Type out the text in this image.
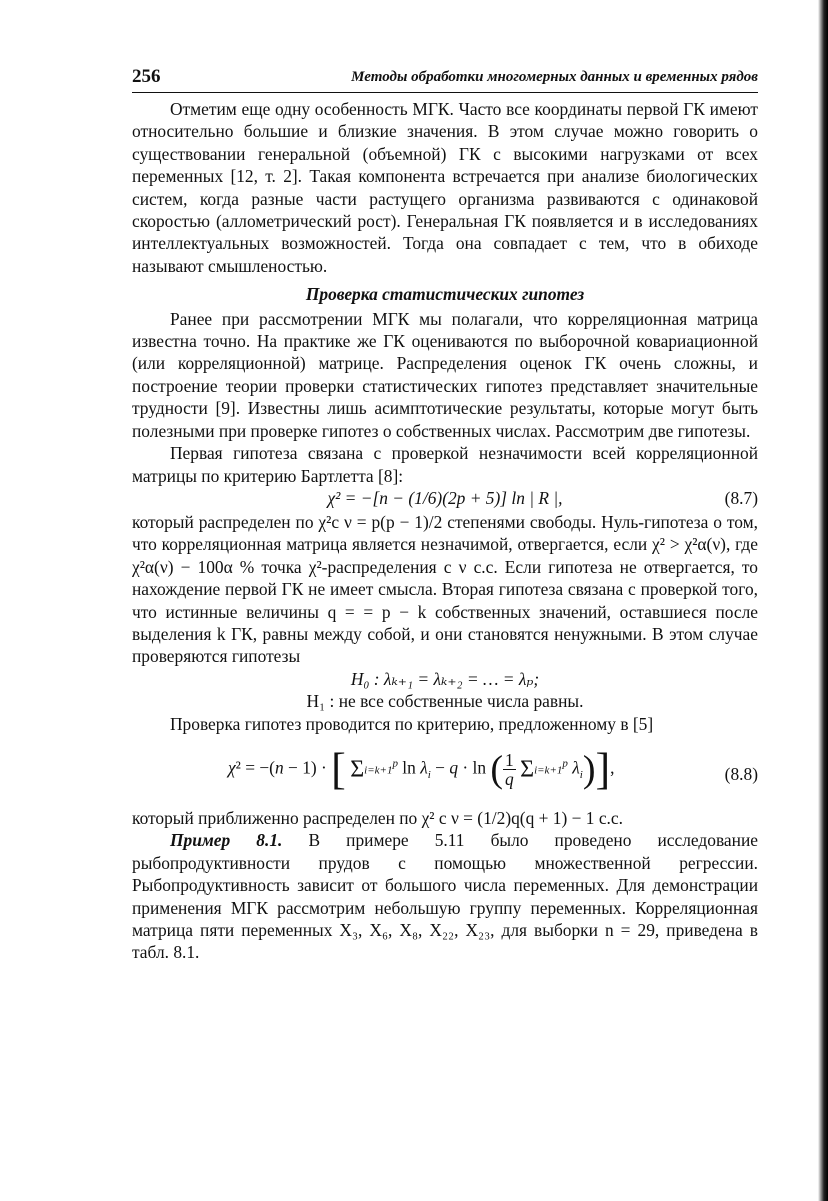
256	Методы обработки многомерных данных и временных рядов

Отметим еще одну особенность МГК. Часто все координаты первой ГК имеют относительно большие и близкие значения. В этом случае можно говорить о существовании генеральной (объемной) ГК с высокими нагрузками от всех переменных [12, т. 2]. Такая компонента встречается при анализе биологических систем, когда разные части растущего организма развиваются с одинаковой скоростью (аллометрический рост). Генеральная ГК появляется и в исследованиях интеллектуальных возможностей. Тогда она совпадает с тем, что в обиходе называют смышленостью.

Проверка статистических гипотез

Ранее при рассмотрении МГК мы полагали, что корреляционная матрица известна точно. На практике же ГК оцениваются по выборочной ковариационной (или корреляционной) матрице. Распределения оценок ГК очень сложны, и построение теории проверки статистических гипотез представляет значительные трудности [9]. Известны лишь асимптотические результаты, которые могут быть полезными при проверке гипотез о собственных числах. Рассмотрим две гипотезы.

Первая гипотеза связана с проверкой незначимости всей корреляционной матрицы по критерию Бартлетта [8]:

χ² = −[n − (1/6)(2p + 5)] ln | R |,	(8.7)

который распределен по χ²с ν = p(p − 1)/2 степенями свободы. Нуль-гипотеза о том, что корреляционная матрица является незначимой, отвергается, если χ² > χ²α(ν), где χ²α(ν) − 100α % точка χ²-распределения с ν с.с. Если гипотеза не отвергается, то нахождение первой ГК не имеет смысла. Вторая гипотеза связана с проверкой того, что истинные величины q = = p − k собственных значений, оставшиеся после выделения k ГК, равны между собой, и они становятся ненужными. В этом случае проверяются гипотезы

H₀ : λₖ₊₁ = λₖ₊₂ = … = λₚ;

H₁ : не все собственные числа равны.

Проверка гипотез проводится по критерию, предложенному в [5]

χ² = −(n − 1) · [ $\Sigma i=k+1^p$ $\ln \lambda_i - q \cdot \ln$ ( $\frac{1}{q} \Sigma i=k+1^p$ $\lambda_i$)],	(8.8)

который приближенно распределен по χ² с ν = (1/2)q(q + 1) − 1 с.с.

Пример 8.1. В примере 5.11 было проведено исследование рыбопродуктивности прудов с помощью множественной регрессии. Рыбопродуктивность зависит от большого числа переменных. Для демонстрации применения МГК рассмотрим небольшую группу переменных. Корреляционная матрица пяти переменных X₃, X₆, X₈, X₂₂, X₂₃, для выборки n = 29, приведена в табл. 8.1.
